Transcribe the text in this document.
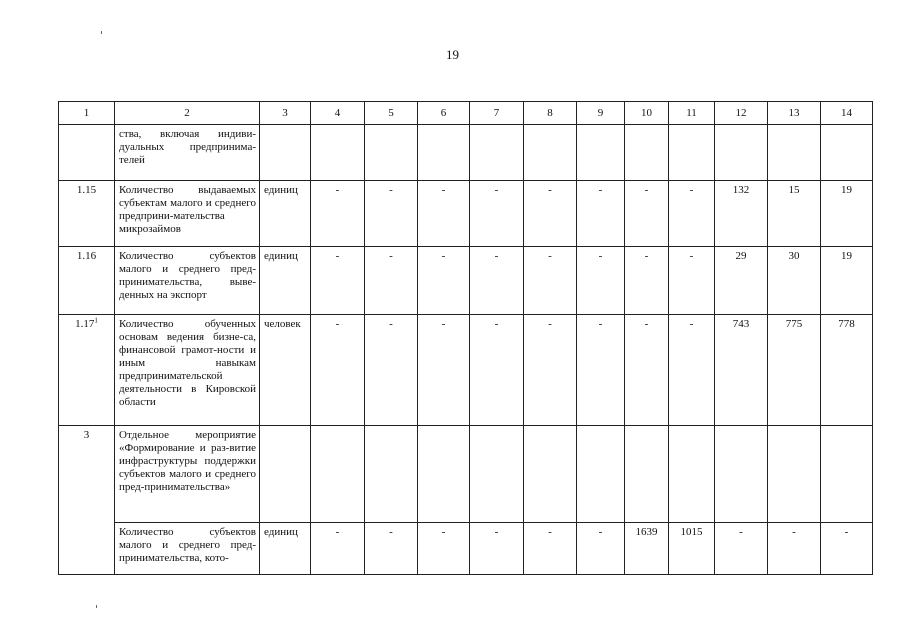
19
1	2	3	4	5	6	7	8	9	10	11	12	13	14
	ства, включая индиви-дуальных предпринима-телей												
1.15	Количество выдаваемых субъектам малого и среднего предприни-мательства микрозаймов	единиц	-	-	-	-	-	-	-	-	132	15	19
1.16	Количество субъектов малого и среднего пред-принимательства, выве-денных на экспорт	единиц	-	-	-	-	-	-	-	-	29	30	19
1.17$^1$	Количество обученных основам ведения бизне-са, финансовой грамот-ности и иным навыкам предпринимательской деятельности в Кировской области	человек	-	-	-	-	-	-	-	-	743	775	778
3	Отдельное мероприятие «Формирование и раз-витие инфраструктуры поддержки субъектов малого и среднего пред-принимательства»												
	Количество субъектов малого и среднего пред-принимательства, кото-	единиц	-	-	-	-	-	-	1639	1015	-	-	-
